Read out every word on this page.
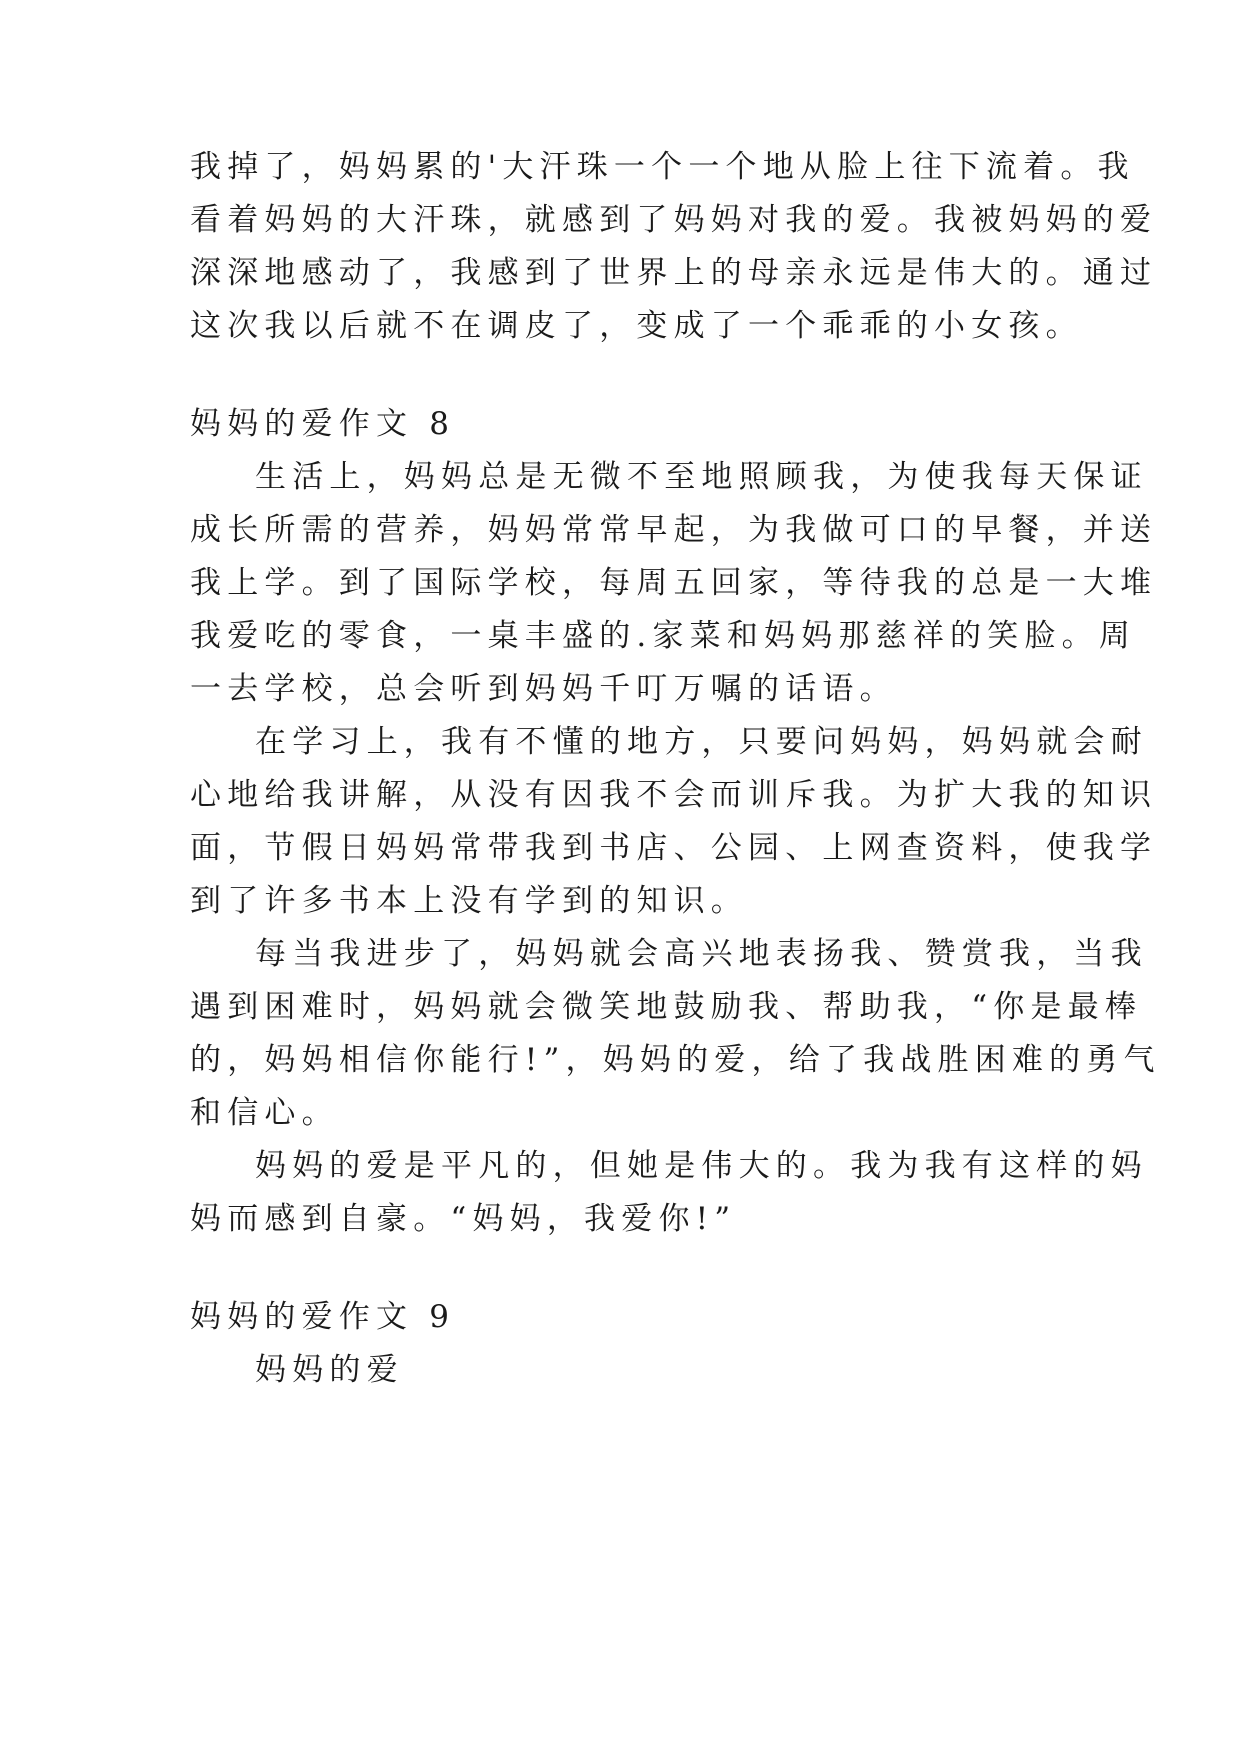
我掉了，妈妈累的'大汗珠一个一个地从脸上往下流着。我
看着妈妈的大汗珠，就感到了妈妈对我的爱。我被妈妈的爱
深深地感动了，我感到了世界上的母亲永远是伟大的。通过
这次我以后就不在调皮了，变成了一个乖乖的小女孩。
妈妈的爱作文 8
生活上，妈妈总是无微不至地照顾我，为使我每天保证
成长所需的营养，妈妈常常早起，为我做可口的早餐，并送
我上学。到了国际学校，每周五回家，等待我的总是一大堆
我爱吃的零食，一桌丰盛的.家菜和妈妈那慈祥的笑脸。周
一去学校，总会听到妈妈千叮万嘱的话语。
在学习上，我有不懂的地方，只要问妈妈，妈妈就会耐
心地给我讲解，从没有因我不会而训斥我。为扩大我的知识
面，节假日妈妈常带我到书店、公园、上网查资料，使我学
到了许多书本上没有学到的知识。
每当我进步了，妈妈就会高兴地表扬我、赞赏我，当我
遇到困难时，妈妈就会微笑地鼓励我、帮助我，“你是最棒
的，妈妈相信你能行!”，妈妈的爱，给了我战胜困难的勇气
和信心。
妈妈的爱是平凡的，但她是伟大的。我为我有这样的妈
妈而感到自豪。“妈妈，我爱你!”
妈妈的爱作文 9
妈妈的爱
